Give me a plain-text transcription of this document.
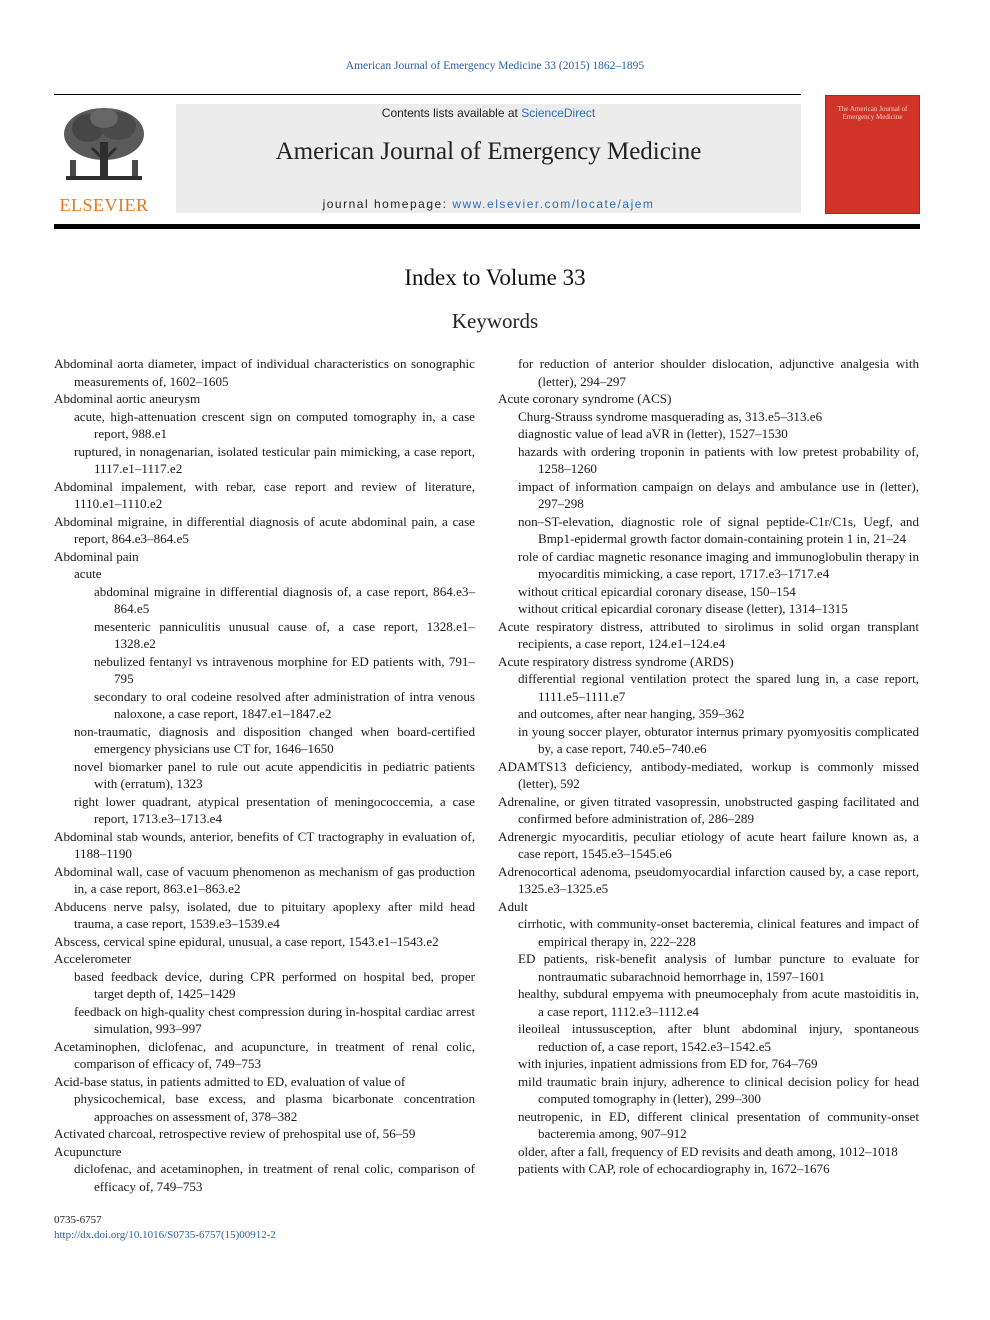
American Journal of Emergency Medicine 33 (2015) 1862–1895
ELSEVIER
Contents lists available at ScienceDirect
American Journal of Emergency Medicine
journal homepage: www.elsevier.com/locate/ajem
The American Journal of Emergency Medicine
Index to Volume 33
Keywords
Abdominal aorta diameter, impact of individual characteristics on sonographic measurements of, 1602–1605
Abdominal aortic aneurysm
acute, high-attenuation crescent sign on computed tomography in, a case report, 988.e1
ruptured, in nonagenarian, isolated testicular pain mimicking, a case report, 1117.e1–1117.e2
Abdominal impalement, with rebar, case report and review of literature, 1110.e1–1110.e2
Abdominal migraine, in differential diagnosis of acute abdominal pain, a case report, 864.e3–864.e5
Abdominal pain
acute
abdominal migraine in differential diagnosis of, a case report, 864.e3–864.e5
mesenteric panniculitis unusual cause of, a case report, 1328.e1–1328.e2
nebulized fentanyl vs intravenous morphine for ED patients with, 791–795
secondary to oral codeine resolved after administration of intra venous naloxone, a case report, 1847.e1–1847.e2
non-traumatic, diagnosis and disposition changed when board-certified emergency physicians use CT for, 1646–1650
novel biomarker panel to rule out acute appendicitis in pediatric patients with (erratum), 1323
right lower quadrant, atypical presentation of meningococcemia, a case report, 1713.e3–1713.e4
Abdominal stab wounds, anterior, benefits of CT tractography in evaluation of, 1188–1190
Abdominal wall, case of vacuum phenomenon as mechanism of gas production in, a case report, 863.e1–863.e2
Abducens nerve palsy, isolated, due to pituitary apoplexy after mild head trauma, a case report, 1539.e3–1539.e4
Abscess, cervical spine epidural, unusual, a case report, 1543.e1–1543.e2
Accelerometer
based feedback device, during CPR performed on hospital bed, proper target depth of, 1425–1429
feedback on high-quality chest compression during in-hospital cardiac arrest simulation, 993–997
Acetaminophen, diclofenac, and acupuncture, in treatment of renal colic, comparison of efficacy of, 749–753
Acid-base status, in patients admitted to ED, evaluation of value of
physicochemical, base excess, and plasma bicarbonate concentration approaches on assessment of, 378–382
Activated charcoal, retrospective review of prehospital use of, 56–59
Acupuncture
diclofenac, and acetaminophen, in treatment of renal colic, comparison of efficacy of, 749–753
for reduction of anterior shoulder dislocation, adjunctive analgesia with (letter), 294–297
Acute coronary syndrome (ACS)
Churg-Strauss syndrome masquerading as, 313.e5–313.e6
diagnostic value of lead aVR in (letter), 1527–1530
hazards with ordering troponin in patients with low pretest probability of, 1258–1260
impact of information campaign on delays and ambulance use in (letter), 297–298
non–ST-elevation, diagnostic role of signal peptide-C1r/C1s, Uegf, and Bmp1-epidermal growth factor domain-containing protein 1 in, 21–24
role of cardiac magnetic resonance imaging and immunoglobulin therapy in myocarditis mimicking, a case report, 1717.e3–1717.e4
without critical epicardial coronary disease, 150–154
without critical epicardial coronary disease (letter), 1314–1315
Acute respiratory distress, attributed to sirolimus in solid organ transplant recipients, a case report, 124.e1–124.e4
Acute respiratory distress syndrome (ARDS)
differential regional ventilation protect the spared lung in, a case report, 1111.e5–1111.e7
and outcomes, after near hanging, 359–362
in young soccer player, obturator internus primary pyomyositis complicated by, a case report, 740.e5–740.e6
ADAMTS13 deficiency, antibody-mediated, workup is commonly missed (letter), 592
Adrenaline, or given titrated vasopressin, unobstructed gasping facilitated and confirmed before administration of, 286–289
Adrenergic myocarditis, peculiar etiology of acute heart failure known as, a case report, 1545.e3–1545.e6
Adrenocortical adenoma, pseudomyocardial infarction caused by, a case report, 1325.e3–1325.e5
Adult
cirrhotic, with community-onset bacteremia, clinical features and impact of empirical therapy in, 222–228
ED patients, risk-benefit analysis of lumbar puncture to evaluate for nontraumatic subarachnoid hemorrhage in, 1597–1601
healthy, subdural empyema with pneumocephaly from acute mastoiditis in, a case report, 1112.e3–1112.e4
ileoileal intussusception, after blunt abdominal injury, spontaneous reduction of, a case report, 1542.e3–1542.e5
with injuries, inpatient admissions from ED for, 764–769
mild traumatic brain injury, adherence to clinical decision policy for head computed tomography in (letter), 299–300
neutropenic, in ED, different clinical presentation of community-onset bacteremia among, 907–912
older, after a fall, frequency of ED revisits and death among, 1012–1018
patients with CAP, role of echocardiography in, 1672–1676
0735-6757
http://dx.doi.org/10.1016/S0735-6757(15)00912-2
